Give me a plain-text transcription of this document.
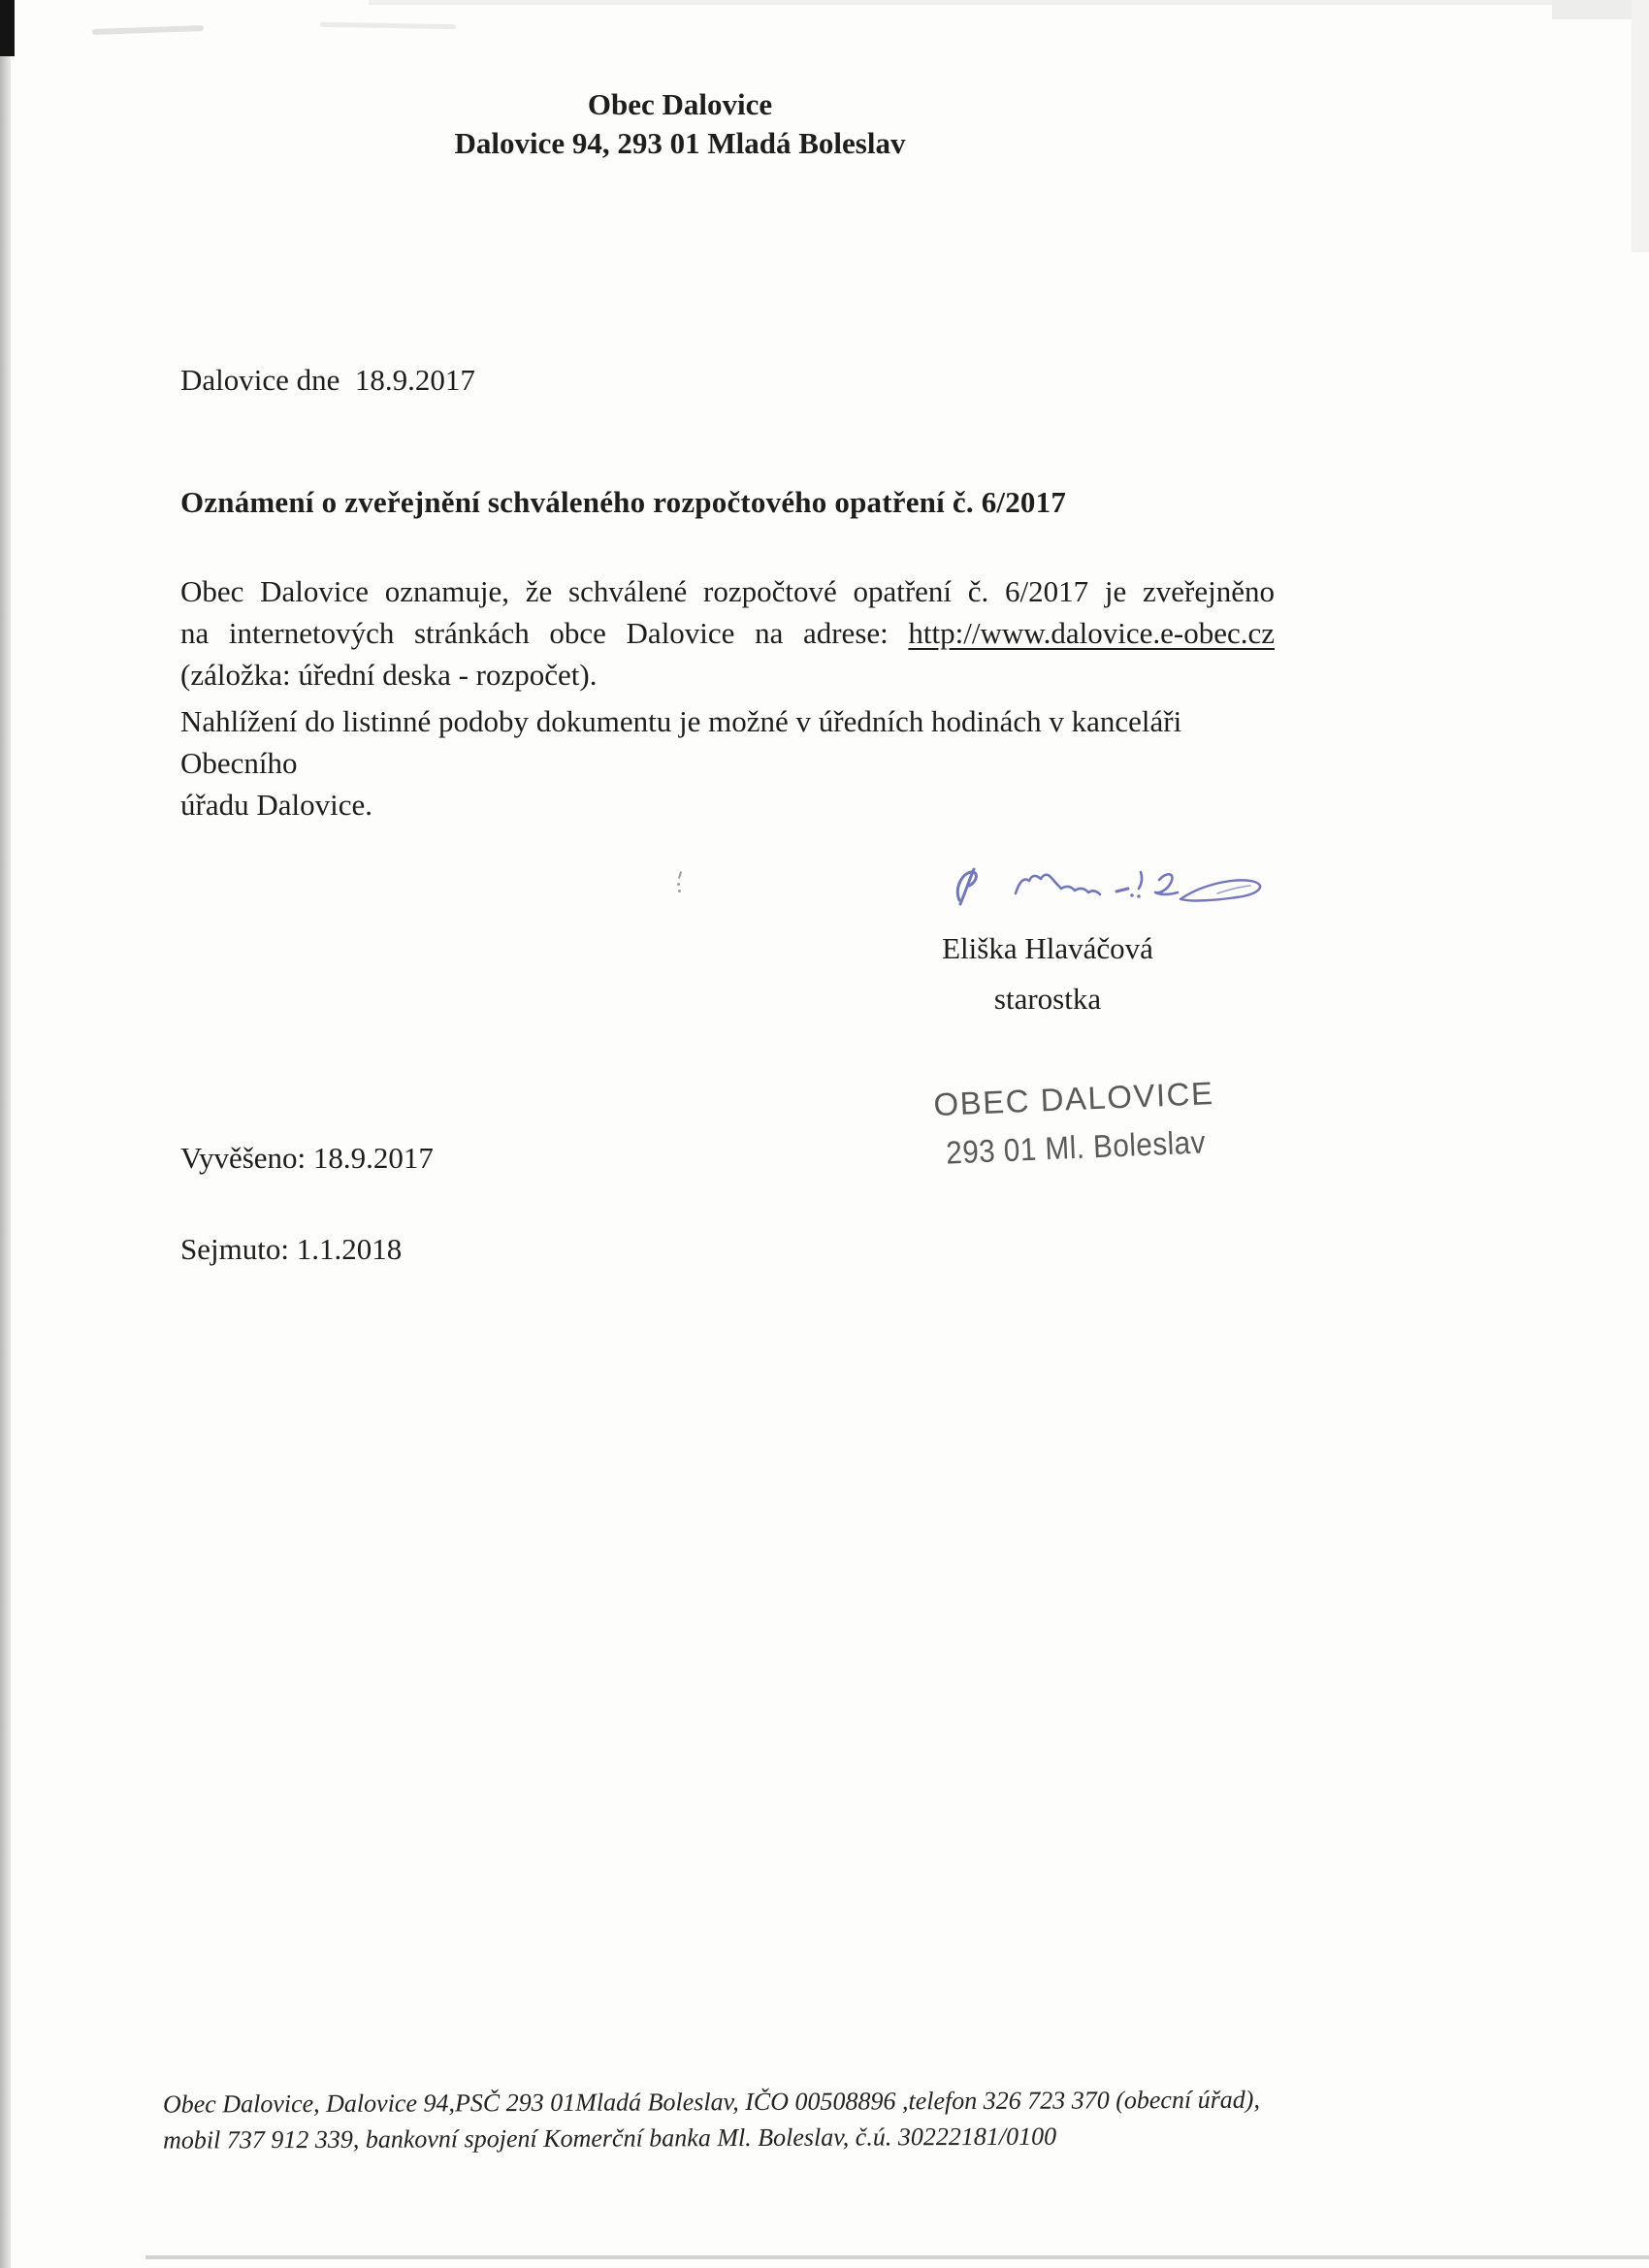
Obec Dalovice
Dalovice 94, 293 01 Mladá Boleslav
Dalovice dne  18.9.2017
Oznámení o zveřejnění schváleného rozpočtového opatření č. 6/2017
Obec Dalovice oznamuje, že schválené rozpočtové opatření č. 6/2017 je zveřejněno
na internetových stránkách obce Dalovice na adrese: http://www.dalovice.e-obec.cz
(záložka: úřední deska - rozpočet).
Nahlížení do listinné podoby dokumentu je možné v úředních hodinách v kanceláři Obecního
úřadu Dalovice.
Eliška Hlaváčová
starostka
OBEC DALOVICE
293 01 Ml. Boleslav
Vyvěšeno: 18.9.2017
Sejmuto: 1.1.2018
Obec Dalovice, Dalovice 94,PSČ 293 01Mladá Boleslav, IČO 00508896 ,telefon 326 723 370 (obecní úřad),
mobil 737 912 339, bankovní spojení Komerční banka Ml. Boleslav, č.ú. 30222181/0100
